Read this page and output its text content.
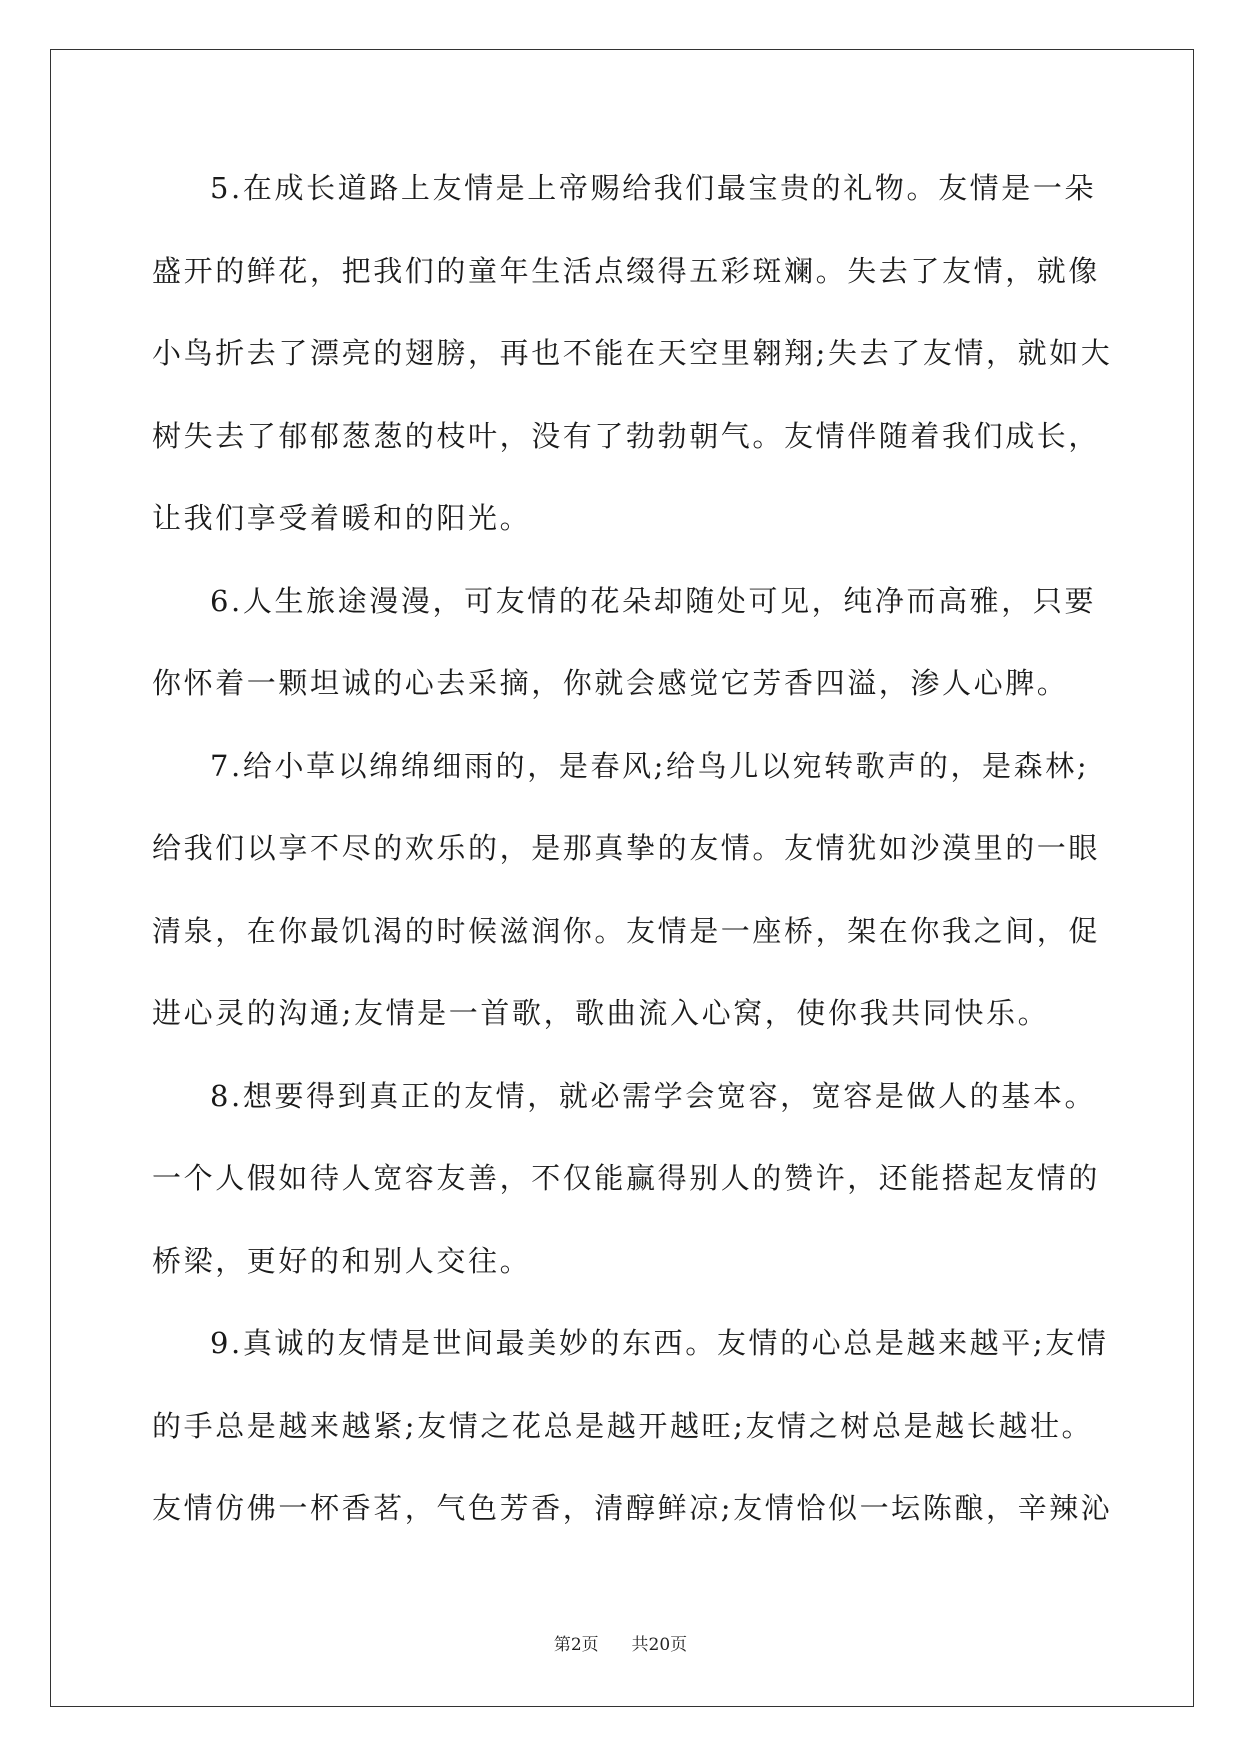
5.在成长道路上友情是上帝赐给我们最宝贵的礼物。友情是一朵
盛开的鲜花，把我们的童年生活点缀得五彩斑斓。失去了友情，就像
小鸟折去了漂亮的翅膀，再也不能在天空里翱翔;失去了友情，就如大
树失去了郁郁葱葱的枝叶，没有了勃勃朝气。友情伴随着我们成长，
让我们享受着暖和的阳光。
6.人生旅途漫漫，可友情的花朵却随处可见，纯净而高雅，只要
你怀着一颗坦诚的心去采摘，你就会感觉它芳香四溢，渗人心脾。
7.给小草以绵绵细雨的，是春风;给鸟儿以宛转歌声的，是森林;
给我们以享不尽的欢乐的，是那真挚的友情。友情犹如沙漠里的一眼
清泉，在你最饥渴的时候滋润你。友情是一座桥，架在你我之间，促
进心灵的沟通;友情是一首歌，歌曲流入心窝，使你我共同快乐。
8.想要得到真正的友情，就必需学会宽容，宽容是做人的基本。
一个人假如待人宽容友善，不仅能赢得别人的赞许，还能搭起友情的
桥梁，更好的和别人交往。
9.真诚的友情是世间最美妙的东西。友情的心总是越来越平;友情
的手总是越来越紧;友情之花总是越开越旺;友情之树总是越长越壮。
友情仿佛一杯香茗，气色芳香，清醇鲜凉;友情恰似一坛陈酿，辛辣沁
第2页 共20页
